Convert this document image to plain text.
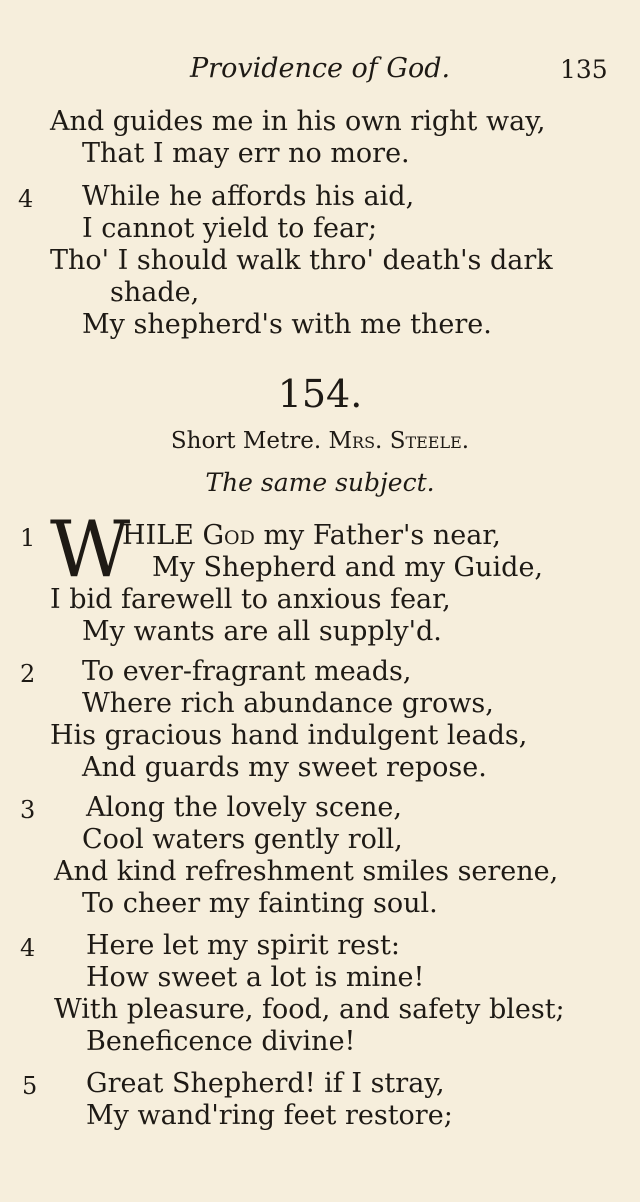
Providence of God.	135
And guides me in his own right way,
That I may err no more.
4 While he affords his aid,
I cannot yield to fear;
Tho' I should walk thro' death's dark
shade,
My shepherd's with me there.
154.
Short Metre. Mrs. Steele.
The same subject.
1 W
HILE God my Father's near,
My Shepherd and my Guide,
I bid farewell to anxious fear,
My wants are all supply'd.
2 To ever-fragrant meads,
Where rich abundance grows,
His gracious hand indulgent leads,
And guards my sweet repose.
3 Along the lovely scene,
Cool waters gently roll,
And kind refreshment smiles serene,
To cheer my fainting soul.
4 Here let my spirit rest:
How sweet a lot is mine!
With pleasure, food, and safety blest;
Beneficence divine!
5 Great Shepherd! if I stray,
My wand'ring feet restore;
